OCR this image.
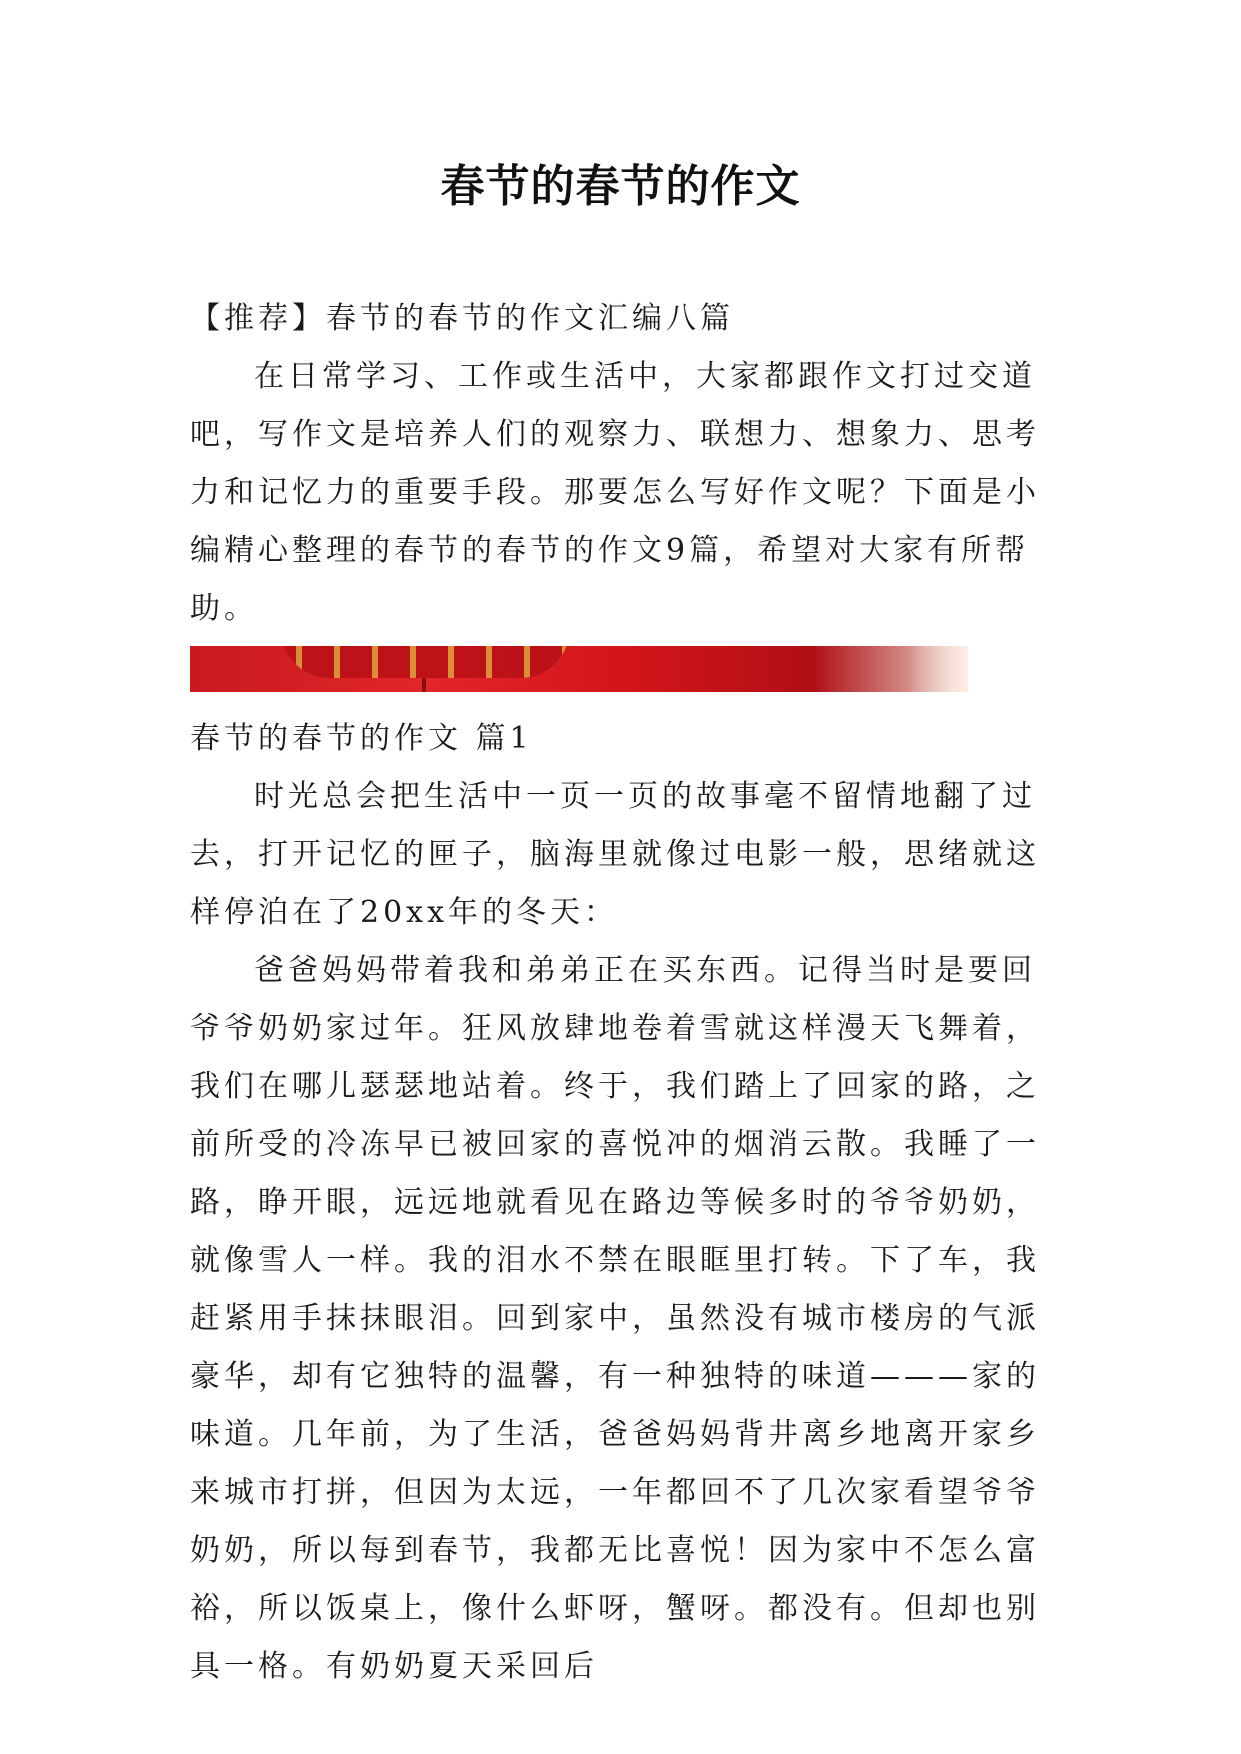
春节的春节的作文

【推荐】春节的春节的作文汇编八篇

在日常学习、工作或生活中，大家都跟作文打过交道吧，写作文是培养人们的观察力、联想力、想象力、思考力和记忆力的重要手段。那要怎么写好作文呢？下面是小编精心整理的春节的春节的作文9篇，希望对大家有所帮助。

春节的春节的作文 篇1

时光总会把生活中一页一页的故事毫不留情地翻了过去，打开记忆的匣子，脑海里就像过电影一般，思绪就这样停泊在了20xx年的冬天：

爸爸妈妈带着我和弟弟正在买东西。记得当时是要回爷爷奶奶家过年。狂风放肆地卷着雪就这样漫天飞舞着，我们在哪儿瑟瑟地站着。终于，我们踏上了回家的路，之前所受的冷冻早已被回家的喜悦冲的烟消云散。我睡了一路，睁开眼，远远地就看见在路边等候多时的爷爷奶奶，就像雪人一样。我的泪水不禁在眼眶里打转。下了车，我赶紧用手抹抹眼泪。回到家中，虽然没有城市楼房的气派豪华，却有它独特的温馨，有一种独特的味道———家的味道。几年前，为了生活，爸爸妈妈背井离乡地离开家乡来城市打拼，但因为太远，一年都回不了几次家看望爷爷奶奶，所以每到春节，我都无比喜悦！因为家中不怎么富裕，所以饭桌上，像什么虾呀，蟹呀。都没有。但却也别具一格。有奶奶夏天采回后
